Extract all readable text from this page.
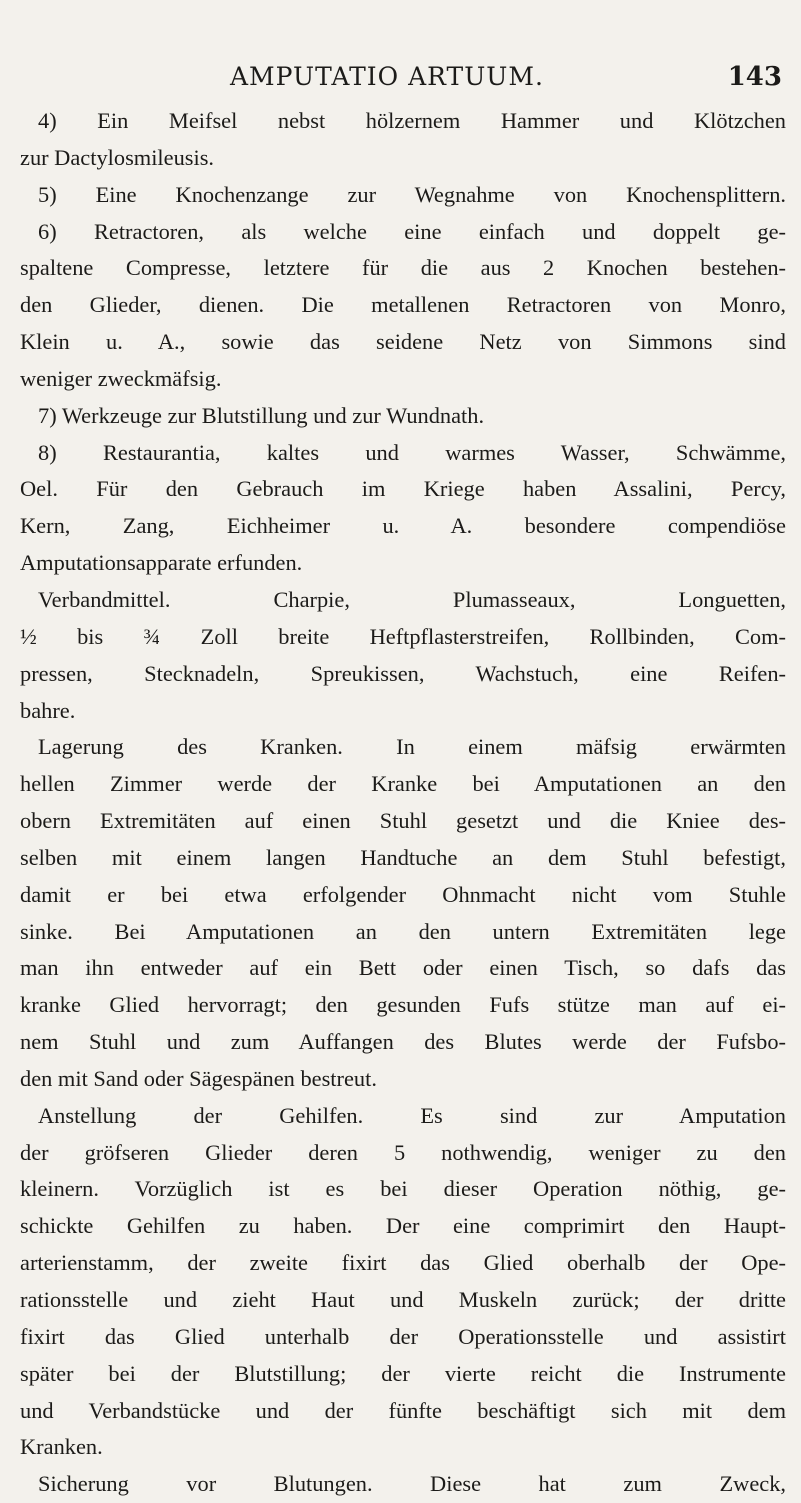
AMPUTATIO ARTUUM.	143
4) Ein Meifsel nebst hölzernem Hammer und Klötzchen
zur Dactylosmileusis.
5) Eine Knochenzange zur Wegnahme von Knochensplittern.
6) Retractoren, als welche eine einfach und doppelt ge-
spaltene Compresse, letztere für die aus 2 Knochen bestehen-
den Glieder, dienen. Die metallenen Retractoren von Monro,
Klein u. A., sowie das seidene Netz von Simmons sind
weniger zweckmäfsig.
7) Werkzeuge zur Blutstillung und zur Wundnath.
8) Restaurantia, kaltes und warmes Wasser, Schwämme,
Oel. Für den Gebrauch im Kriege haben Assalini, Percy,
Kern, Zang, Eichheimer u. A. besondere compendiöse
Amputationsapparate erfunden.
Verbandmittel. Charpie, Plumasseaux, Longuetten,
½ bis ¾ Zoll breite Heftpflasterstreifen, Rollbinden, Com-
pressen, Stecknadeln, Spreukissen, Wachstuch, eine Reifen-
bahre.
Lagerung des Kranken. In einem mäfsig erwärmten
hellen Zimmer werde der Kranke bei Amputationen an den
obern Extremitäten auf einen Stuhl gesetzt und die Kniee des-
selben mit einem langen Handtuche an dem Stuhl befestigt,
damit er bei etwa erfolgender Ohnmacht nicht vom Stuhle
sinke. Bei Amputationen an den untern Extremitäten lege
man ihn entweder auf ein Bett oder einen Tisch, so dafs das
kranke Glied hervorragt; den gesunden Fufs stütze man auf ei-
nem Stuhl und zum Auffangen des Blutes werde der Fufsbo-
den mit Sand oder Sägespänen bestreut.
Anstellung der Gehilfen. Es sind zur Amputation
der gröfseren Glieder deren 5 nothwendig, weniger zu den
kleinern. Vorzüglich ist es bei dieser Operation nöthig, ge-
schickte Gehilfen zu haben. Der eine comprimirt den Haupt-
arterienstamm, der zweite fixirt das Glied oberhalb der Ope-
rationsstelle und zieht Haut und Muskeln zurück; der dritte
fixirt das Glied unterhalb der Operationsstelle und assistirt
später bei der Blutstillung; der vierte reicht die Instrumente
und Verbandstücke und der fünfte beschäftigt sich mit dem
Kranken.
Sicherung vor Blutungen. Diese hat zum Zweck,
